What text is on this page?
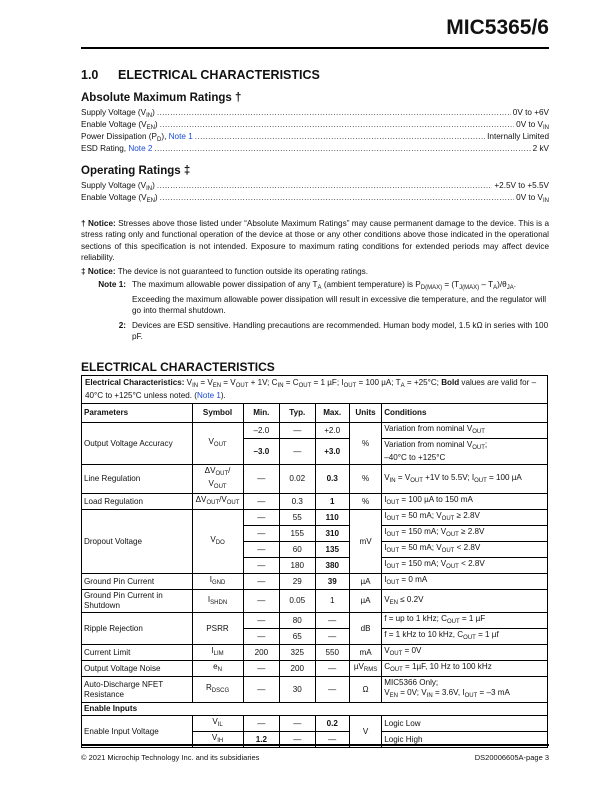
MIC5365/6
1.0 ELECTRICAL CHARACTERISTICS
Absolute Maximum Ratings †
Supply Voltage $(V_{IN})$ .....	0V to +6V
Enable Voltage $(V_{EN})$ .....	0V to $V_{IN}$
Power Dissipation $(P_D)$, Note 1 .....	Internally Limited
ESD Rating, Note 2 .....	2 kV
Operating Ratings ‡
Supply Voltage $(V_{IN})$ .....	+2.5V to +5.5V
Enable Voltage $(V_{EN})$ .....	0V to $V_{IN}$

† Notice: Stresses above those listed under “Absolute Maximum Ratings” may cause permanent damage to the device. This is a stress rating only and functional operation of the device at those or any other conditions above those indicated in the operational sections of this specification is not intended. Exposure to maximum rating conditions for extended periods may affect device reliability.

‡ Notice: The device is not guaranteed to function outside its operating ratings.

Note 1: The maximum allowable power dissipation of any $T_A$ (ambient temperature) is $P_{D(MAX)} = (T_{J(MAX)} - T_A)/\theta_{JA}$. Exceeding the maximum allowable power dissipation will result in excessive die temperature, and the regulator will go into thermal shutdown.
2: Devices are ESD sensitive. Handling precautions are recommended. Human body model, 1.5 kΩ in series with 100 pF.
ELECTRICAL CHARACTERISTICS
Electrical Characteristics: $V_{IN} = V_{EN} = V_{OUT} + 1V$; $C_{IN} = C_{OUT} = 1$ µF; $I_{OUT} = 100$ µA; $T_A = +25^\circ C$; Bold values are valid for –40°C to +125°C unless noted. (Note 1).						
Parameters	Symbol	Min.	Typ.	Max.	Units	Conditions
Output Voltage Accuracy	$V_{OUT}$	–2.0	—	+2.0	%	Variation from nominal $V_{OUT}$
		–3.0	—	+3.0		Variation from nominal $V_{OUT}$;
–40°C to +125°C
Line Regulation	$\Delta V_{OUT}/$
$V_{OUT}$	—	0.02	0.3	%	$V_{IN} = V_{OUT} +1V$ to 5.5V; $I_{OUT} = 100$ µA
Load Regulation	$\Delta V_{OUT}/V_{OUT}$	—	0.3	1	%	$I_{OUT} = 100$ µA to 150 mA
Dropout Voltage	$V_{DO}$	—	55	110	mV	$I_{OUT} = 50$ mA; $V_{OUT} \ge 2.8V$
		—	155	310		$I_{OUT} = 150$ mA; $V_{OUT} \ge 2.8V$
		—	60	135		$I_{OUT} = 50$ mA; $V_{OUT} < 2.8V$
		—	180	380		$I_{OUT} = 150$ mA; $V_{OUT} < 2.8V$
Ground Pin Current	$I_{GND}$	—	29	39	µA	$I_{OUT} = 0$ mA
Ground Pin Current in Shutdown	$I_{SHDN}$	—	0.05	1	µA	$V_{EN} \le 0.2V$
Ripple Rejection	PSRR	—	80	—	dB	f = up to 1 kHz; $C_{OUT} = 1$ µF
		—	65	—		f = 1 kHz to 10 kHz, $C_{OUT} = 1$ µf
Current Limit	$I_{LIM}$	200	325	550	mA	$V_{OUT} = 0V$
Output Voltage Noise	$e_N$	—	200	—	µV$_{RMS}$	$C_{OUT} = 1\mu F$, 10 Hz to 100 kHz
Auto-Discharge NFET Resistance	$R_{DSCG}$	—	30	—	Ω	MIC5366 Only;
$V_{EN} = 0V$; $V_{IN} = 3.6V$, $I_{OUT} = -3$ mA
Enable Inputs						
Enable Input Voltage	$V_{IL}$	—	—	0.2	V	Logic Low
	$V_{IH}$	1.2	—	—		Logic High
© 2021 Microchip Technology Inc. and its subsidiaries	DS20006605A-page 3
